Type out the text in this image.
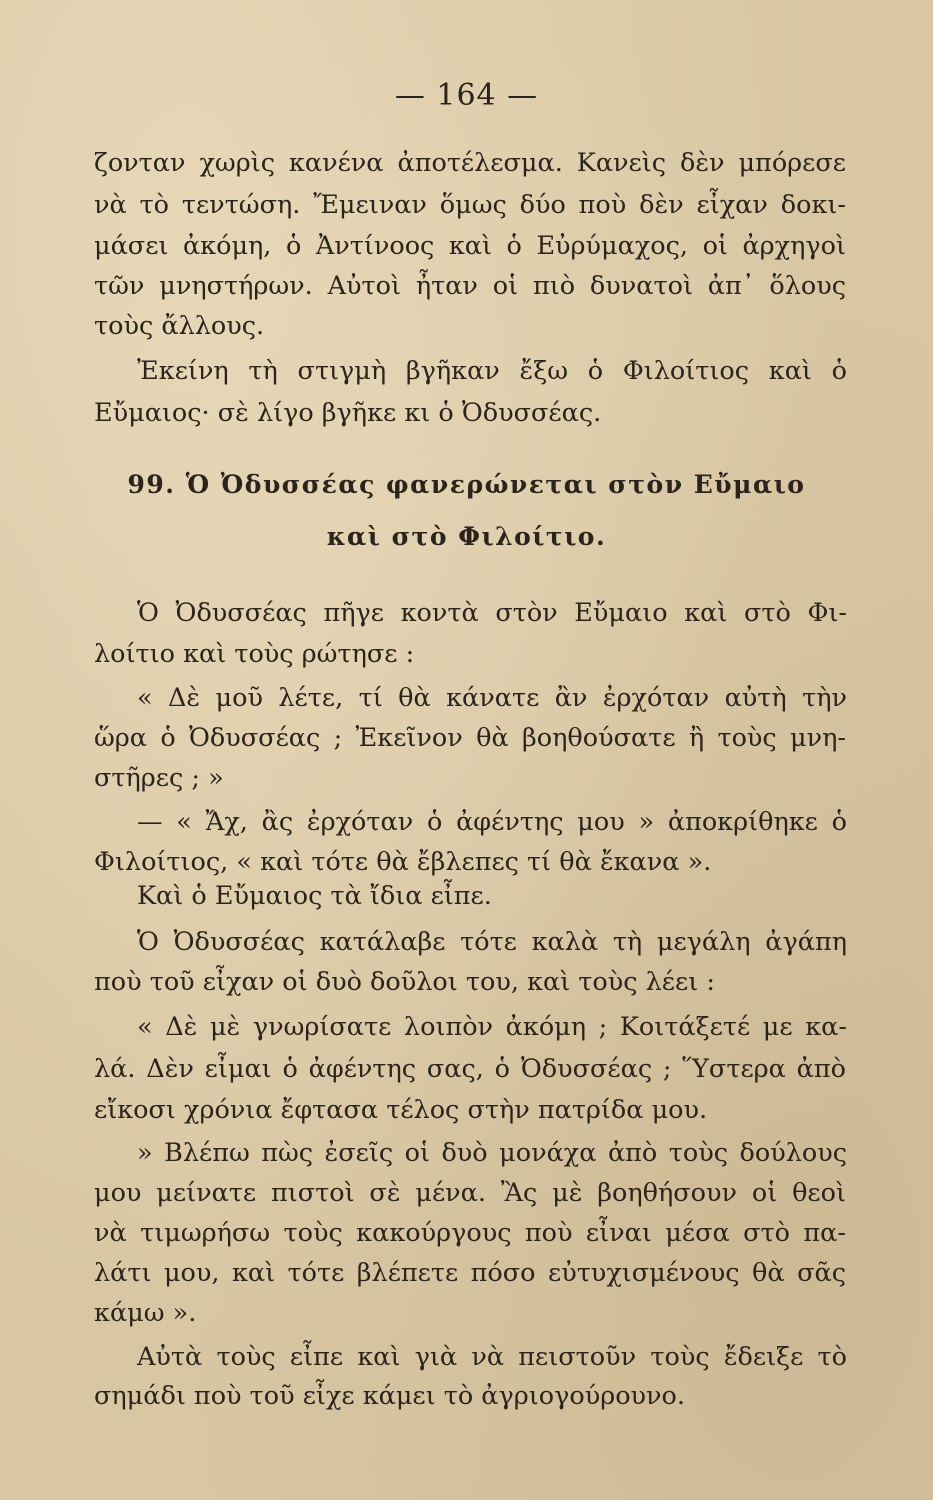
— 164 —
ζονταν χωρὶς κανένα ἀποτέλεσμα. Κανεὶς δὲν μπόρεσε
νὰ τὸ τεντώση. Ἔμειναν ὅμως δύο ποὺ δὲν εἶχαν δοκι-
μάσει ἀκόμη, ὁ Ἀντίνοος καὶ ὁ Εὐρύμαχος, οἱ ἀρχηγοὶ
τῶν μνηστήρων. Αὐτοὶ ἦταν οἱ πιὸ δυνατοὶ ἀπ᾿ ὅλους
τοὺς ἄλλους.
Ἐκείνη τὴ στιγμὴ βγῆκαν ἔξω ὁ Φιλοίτιος καὶ ὁ
Εὔμαιος· σὲ λίγο βγῆκε κι ὁ Ὀδυσσέας.
99. Ὁ Ὀδυσσέας φανερώνεται στὸν Εὔμαιο
καὶ στὸ Φιλοίτιο.
Ὁ Ὀδυσσέας πῆγε κοντὰ στὸν Εὔμαιο καὶ στὸ Φι-
λοίτιο καὶ τοὺς ρώτησε :
« Δὲ μοῦ λέτε, τί θὰ κάνατε ἂν ἐρχόταν αὐτὴ τὴν
ὥρα ὁ Ὀδυσσέας ; Ἐκεῖνον θὰ βοηθούσατε ἢ τοὺς μνη-
στῆρες ; »
— « Ἄχ, ἂς ἐρχόταν ὁ ἀφέντης μου » ἀποκρίθηκε ὁ
Φιλοίτιος, « καὶ τότε θὰ ἔβλεπες τί θὰ ἔκανα ».
Καὶ ὁ Εὔμαιος τὰ ἴδια εἶπε.
Ὁ Ὀδυσσέας κατάλαβε τότε καλὰ τὴ μεγάλη ἀγάπη
ποὺ τοῦ εἶχαν οἱ δυὸ δοῦλοι του, καὶ τοὺς λέει :
« Δὲ μὲ γνωρίσατε λοιπὸν ἀκόμη ; Κοιτάξετέ με κα-
λά. Δὲν εἶμαι ὁ ἀφέντης σας, ὁ Ὀδυσσέας ; Ὕστερα ἀπὸ
εἴκοσι χρόνια ἔφτασα τέλος στὴν πατρίδα μου.
» Βλέπω πὼς ἐσεῖς οἱ δυὸ μονάχα ἀπὸ τοὺς δούλους
μου μείνατε πιστοὶ σὲ μένα. Ἂς μὲ βοηθήσουν οἱ θεοὶ
νὰ τιμωρήσω τοὺς κακούργους ποὺ εἶναι μέσα στὸ πα-
λάτι μου, καὶ τότε βλέπετε πόσο εὐτυχισμένους θὰ σᾶς
κάμω ».
Αὐτὰ τοὺς εἶπε καὶ γιὰ νὰ πειστοῦν τοὺς ἔδειξε τὸ
σημάδι ποὺ τοῦ εἶχε κάμει τὸ ἀγριογούρουνο.
